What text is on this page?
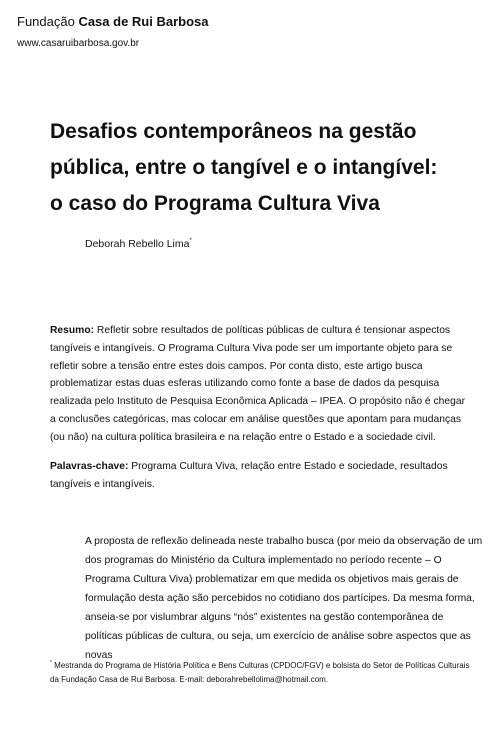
Fundação Casa de Rui Barbosa
www.casaruibarbosa.gov.br
Desafios contemporâneos na gestão
pública, entre o tangível e o intangível:
o caso do Programa Cultura Viva
Deborah Rebello Lima*
Resumo: Refletir sobre resultados de políticas públicas de cultura é tensionar aspectos tangíveis e intangíveis. O Programa Cultura Viva pode ser um importante objeto para se refletir sobre a tensão entre estes dois campos. Por conta disto, este artigo busca problematizar estas duas esferas utilizando como fonte a base de dados da pesquisa realizada pelo Instituto de Pesquisa Econômica Aplicada – IPEA. O propósito não é chegar a conclusões categóricas, mas colocar em análise questões que apontam para mudanças (ou não) na cultura política brasileira e na relação entre o Estado e a sociedade civil.
Palavras-chave: Programa Cultura Viva, relação entre Estado e sociedade, resultados tangíveis e intangíveis.
A proposta de reflexão delineada neste trabalho busca (por meio da observação de um dos programas do Ministério da Cultura implementado no período recente – O Programa Cultura Viva) problematizar em que medida os objetivos mais gerais de formulação desta ação são percebidos no cotidiano dos partícipes. Da mesma forma, anseia-se por vislumbrar alguns “nós” existentes na gestão contemporânea de políticas públicas de cultura, ou seja, um exercício de análise sobre aspectos que as novas
* Mestranda do Programa de História Política e Bens Culturas (CPDOC/FGV) e bolsista do Setor de Políticas Culturais da Fundação Casa de Rui Barbosa. E-mail: deborahrebellolima@hotmail.com.
